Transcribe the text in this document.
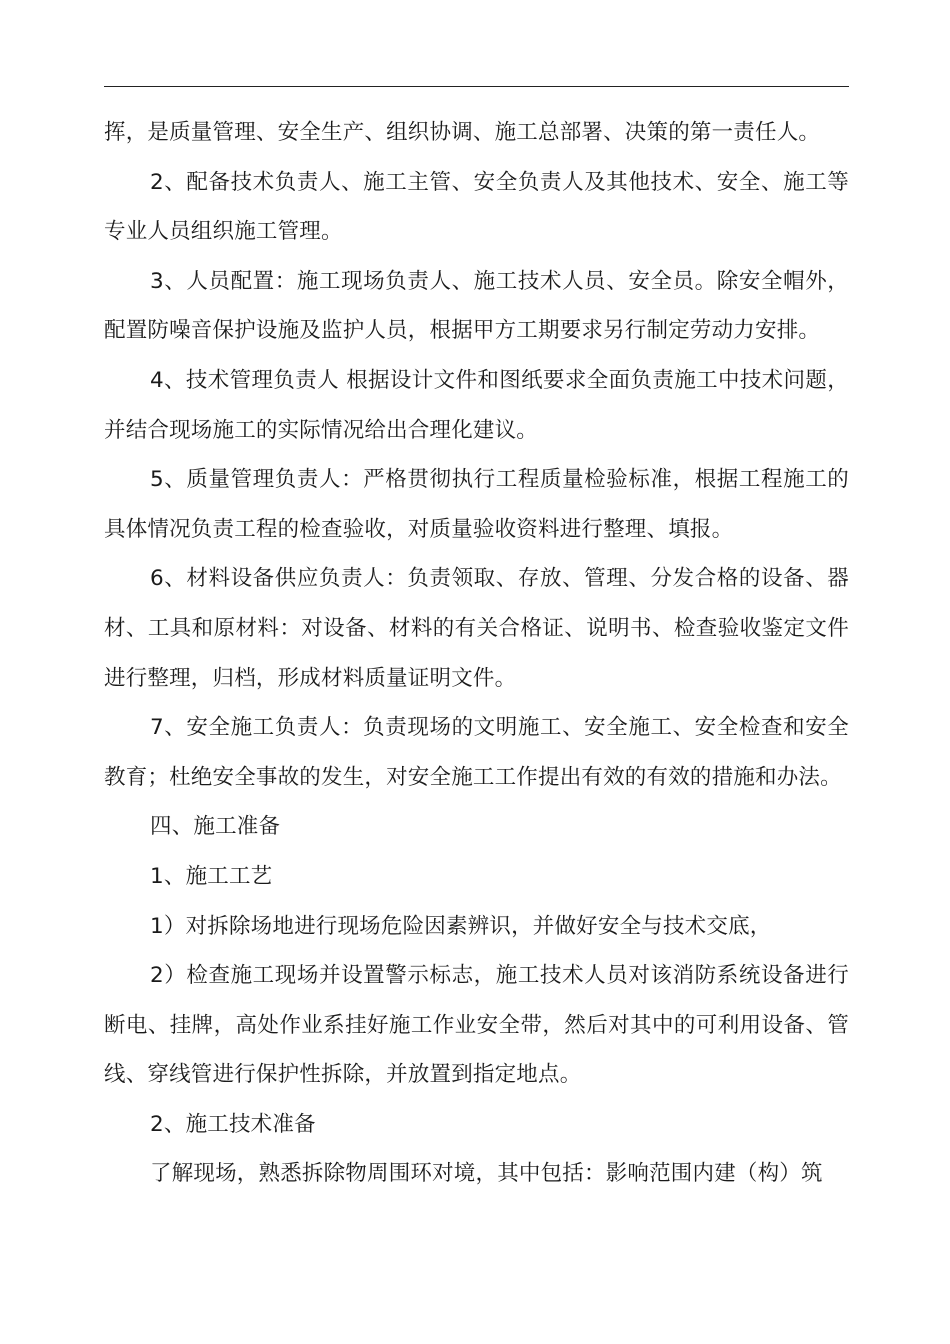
挥，是质量管理、安全生产、组织协调、施工总部署、决策的第一责任人。

2、配备技术负责人、施工主管、安全负责人及其他技术、安全、施工等专业人员组织施工管理。

3、人员配置：施工现场负责人、施工技术人员、安全员。除安全帽外，配置防噪音保护设施及监护人员，根据甲方工期要求另行制定劳动力安排。

4、技术管理负责人 根据设计文件和图纸要求全面负责施工中技术问题，并结合现场施工的实际情况给出合理化建议。

5、质量管理负责人：严格贯彻执行工程质量检验标准，根据工程施工的具体情况负责工程的检查验收，对质量验收资料进行整理、填报。

6、材料设备供应负责人：负责领取、存放、管理、分发合格的设备、器材、工具和原材料：对设备、材料的有关合格证、说明书、检查验收鉴定文件进行整理，归档，形成材料质量证明文件。

7、安全施工负责人：负责现场的文明施工、安全施工、安全检查和安全教育；杜绝安全事故的发生，对安全施工工作提出有效的有效的措施和办法。

四、施工准备

1、施工工艺

1）对拆除场地进行现场危险因素辨识，并做好安全与技术交底，

2）检查施工现场并设置警示标志，施工技术人员对该消防系统设备进行断电、挂牌，高处作业系挂好施工作业安全带，然后对其中的可利用设备、管线、穿线管进行保护性拆除，并放置到指定地点。

2、施工技术准备

了解现场，熟悉拆除物周围环对境，其中包括：影响范围内建（构）筑
